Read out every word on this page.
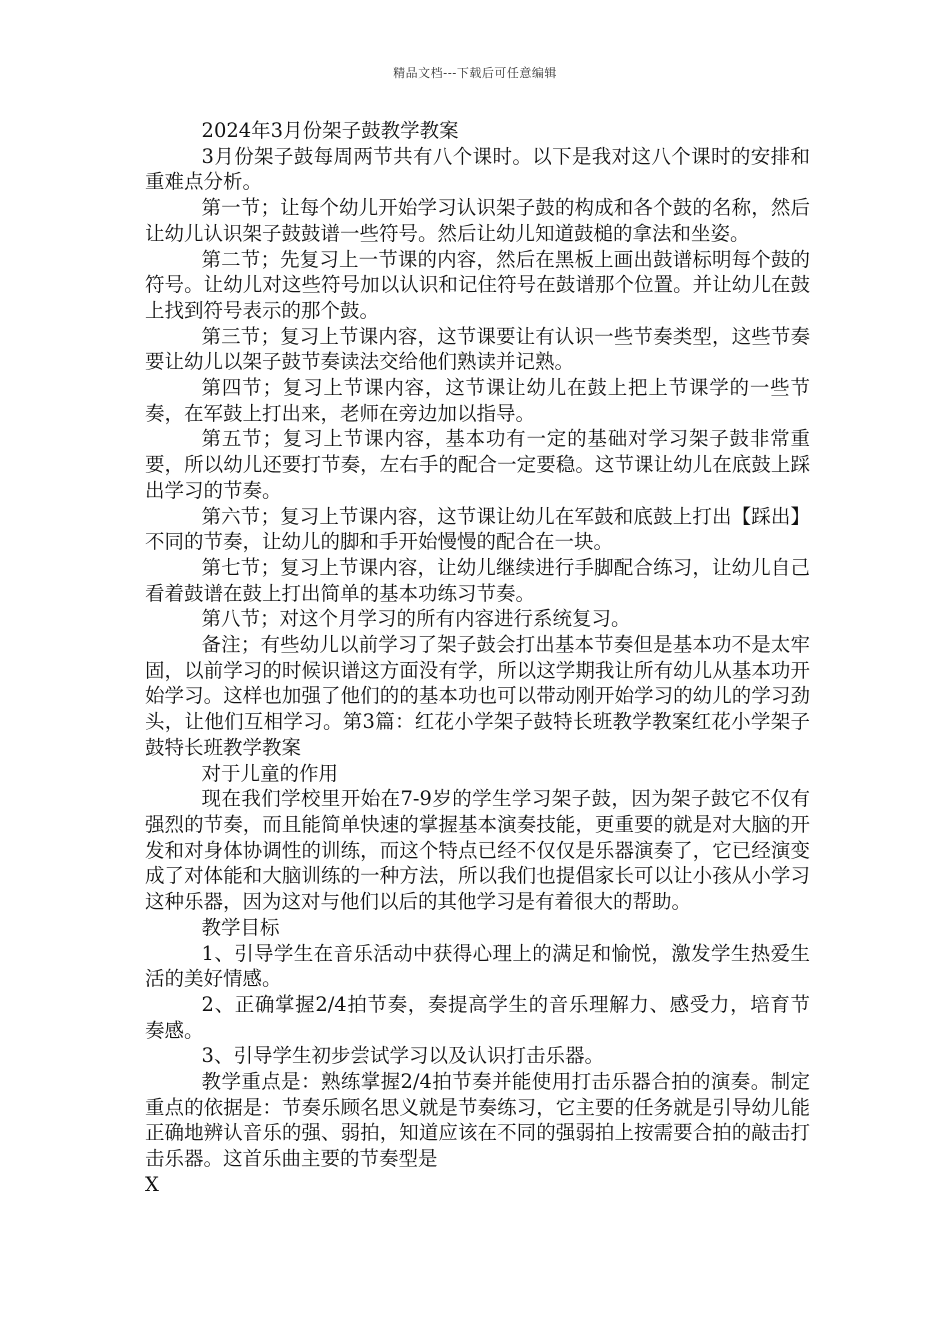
精品文档---下载后可任意编辑

2024年3月份架子鼓教学教案

3月份架子鼓每周两节共有八个课时。以下是我对这八个课时的安排和重难点分析。

第一节；让每个幼儿开始学习认识架子鼓的构成和各个鼓的名称，然后让幼儿认识架子鼓鼓谱一些符号。然后让幼儿知道鼓槌的拿法和坐姿。

第二节；先复习上一节课的内容，然后在黑板上画出鼓谱标明每个鼓的符号。让幼儿对这些符号加以认识和记住符号在鼓谱那个位置。并让幼儿在鼓上找到符号表示的那个鼓。

第三节；复习上节课内容，这节课要让有认识一些节奏类型，这些节奏要让幼儿以架子鼓节奏读法交给他们熟读并记熟。

第四节；复习上节课内容，这节课让幼儿在鼓上把上节课学的一些节奏，在军鼓上打出来，老师在旁边加以指导。

第五节；复习上节课内容，基本功有一定的基础对学习架子鼓非常重要，所以幼儿还要打节奏，左右手的配合一定要稳。这节课让幼儿在底鼓上踩出学习的节奏。

第六节；复习上节课内容，这节课让幼儿在军鼓和底鼓上打出【踩出】不同的节奏，让幼儿的脚和手开始慢慢的配合在一块。

第七节；复习上节课内容，让幼儿继续进行手脚配合练习，让幼儿自己看着鼓谱在鼓上打出简单的基本功练习节奏。

第八节；对这个月学习的所有内容进行系统复习。

备注；有些幼儿以前学习了架子鼓会打出基本节奏但是基本功不是太牢固，以前学习的时候识谱这方面没有学，所以这学期我让所有幼儿从基本功开始学习。这样也加强了他们的的基本功也可以带动刚开始学习的幼儿的学习劲头，让他们互相学习。第3篇：红花小学架子鼓特长班教学教案红花小学架子鼓特长班教学教案

对于儿童的作用

现在我们学校里开始在7-9岁的学生学习架子鼓，因为架子鼓它不仅有强烈的节奏，而且能简单快速的掌握基本演奏技能，更重要的就是对大脑的开发和对身体协调性的训练，而这个特点已经不仅仅是乐器演奏了，它已经演变成了对体能和大脑训练的一种方法，所以我们也提倡家长可以让小孩从小学习这种乐器，因为这对与他们以后的其他学习是有着很大的帮助。

教学目标

1、引导学生在音乐活动中获得心理上的满足和愉悦，激发学生热爱生活的美好情感。

2、正确掌握2/4拍节奏，奏提高学生的音乐理解力、感受力，培育节奏感。

3、引导学生初步尝试学习以及认识打击乐器。

教学重点是：熟练掌握2/4拍节奏并能使用打击乐器合拍的演奏。制定重点的依据是：节奏乐顾名思义就是节奏练习，它主要的任务就是引导幼儿能正确地辨认音乐的强、弱拍，知道应该在不同的强弱拍上按需要合拍的敲击打击乐器。这首乐曲主要的节奏型是

X
